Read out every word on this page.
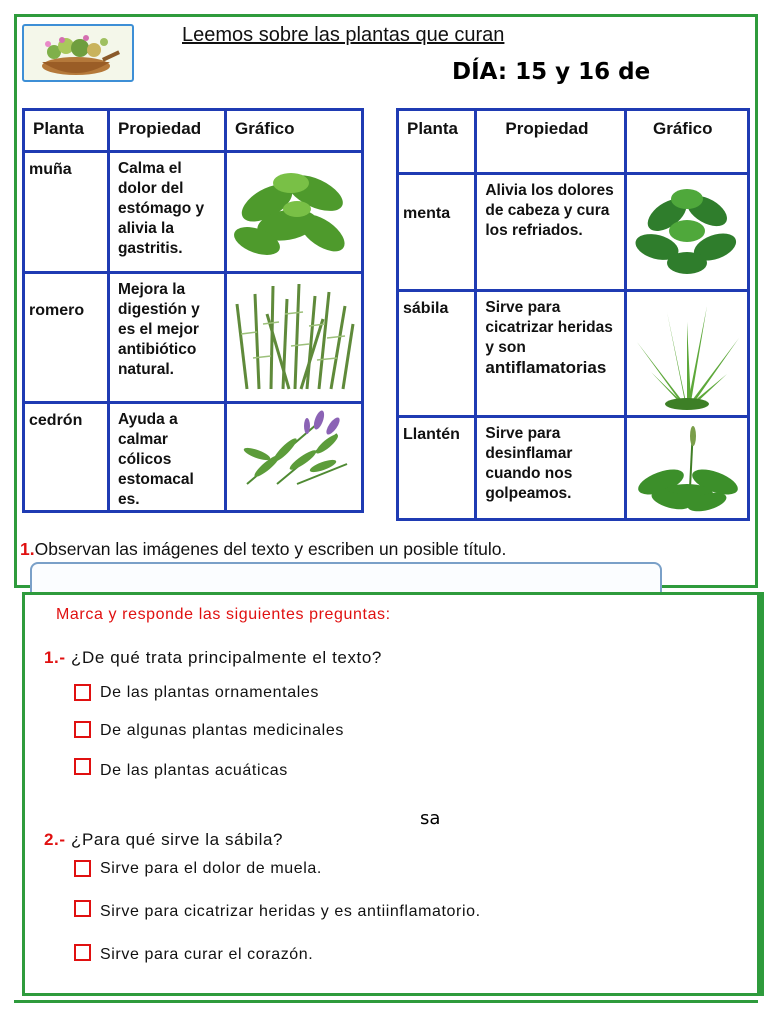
Leemos sobre las plantas que curan
DÍA: 15 y 16 de
Planta	Propiedad	Gráfico
muña	Calma el dolor del estómago y alivia la gastritis.	

romero	Mejora la digestión y es el mejor antibiótico natural.	

cedrón	Ayuda a calmar cólicos estomacal es.	
Planta	Propiedad	Gráfico
menta	Alivia los dolores de cabeza y cura los refriados.	

sábila	Sirve para cicatrizar heridas y son
antiflamatorias	

Llantén	Sirve para desinflamar cuando nos golpeamos.	
1.Observan las imágenes del texto y escriben un posible título.
Marca y responde las siguientes preguntas:
1.- ¿De qué trata principalmente el texto?
De las plantas ornamentales
De algunas plantas medicinales
De las plantas acuáticas
sa
2.- ¿Para qué sirve la sábila?
Sirve para el dolor de muela.
Sirve para cicatrizar heridas y es antiinflamatorio.
Sirve para curar el corazón.
